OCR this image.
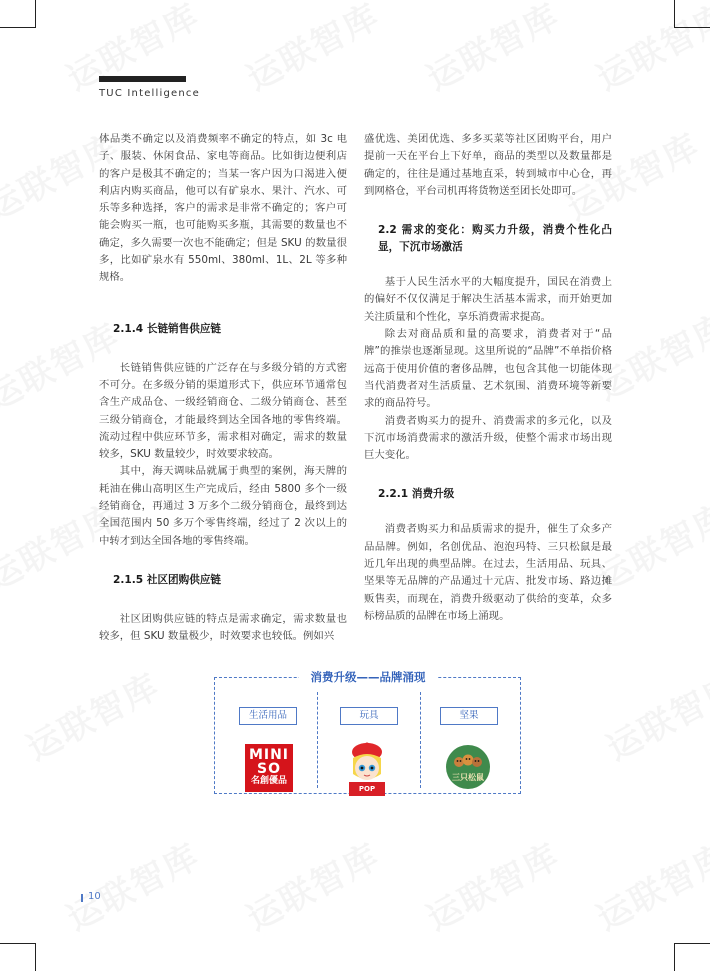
TUC Intelligence

体品类不确定以及消费频率不确定的特点，如 3c 电子、服装、休闲食品、家电等商品。比如街边便利店的客户是极其不确定的；当某一客户因为口渴进入便利店内购买商品，他可以有矿泉水、果汁、汽水、可乐等多种选择，客户的需求是非常不确定的；客户可能会购买一瓶，也可能购买多瓶，其需要的数量也不确定，多久需要一次也不能确定；但是 SKU 的数量很多，比如矿泉水有 550ml、380ml、1L、2L 等多种规格。

2.1.4 长链销售供应链

长链销售供应链的广泛存在与多级分销的方式密不可分。在多级分销的渠道形式下，供应环节通常包含生产成品仓、一级经销商仓、二级分销商仓、甚至三级分销商仓，才能最终到达全国各地的零售终端。流动过程中供应环节多，需求相对确定，需求的数量较多，SKU 数量较少，时效要求较高。

其中，海天调味品就属于典型的案例，海天牌的耗油在佛山高明区生产完成后，经由 5800 多个一级经销商仓，再通过 3 万多个二级分销商仓，最终到达全国范围内 50 多万个零售终端，经过了 2 次以上的中转才到达全国各地的零售终端。

2.1.5 社区团购供应链

社区团购供应链的特点是需求确定，需求数量也较多，但 SKU 数量极少，时效要求也较低。例如兴

盛优选、美团优选、多多买菜等社区团购平台，用户提前一天在平台上下好单，商品的类型以及数量都是确定的，往往是通过基地直采，转到城市中心仓，再到网格仓，平台司机再将货物送至团长处即可。

2.2 需求的变化：购买力升级，消费个性化凸显，下沉市场激活

基于人民生活水平的大幅度提升，国民在消费上的偏好不仅仅满足于解决生活基本需求，而开始更加关注质量和个性化，享乐消费需求提高。

除去对商品质和量的高要求，消费者对于“品牌”的推崇也逐渐显现。这里所说的“品牌”不单指价格远高于使用价值的奢侈品牌，也包含其他一切能体现当代消费者对生活质量、艺术氛围、消费环境等新要求的商品符号。

消费者购买力的提升、消费需求的多元化，以及下沉市场消费需求的激活升级，使整个需求市场出现巨大变化。

2.2.1 消费升级

消费者购买力和品质需求的提升，催生了众多产品品牌。例如，名创优品、泡泡玛特、三只松鼠是最近几年出现的典型品牌。在过去，生活用品、玩具、坚果等无品牌的产品通过十元店、批发市场、路边摊贩售卖，而现在，消费升级驱动了供给的变革，众多标榜品质的品牌在市场上涌现。

消费升级——品牌涌现
生活用品	玩具	坚果
MINI
SO
名創優品
POP MART
三只松鼠
10
